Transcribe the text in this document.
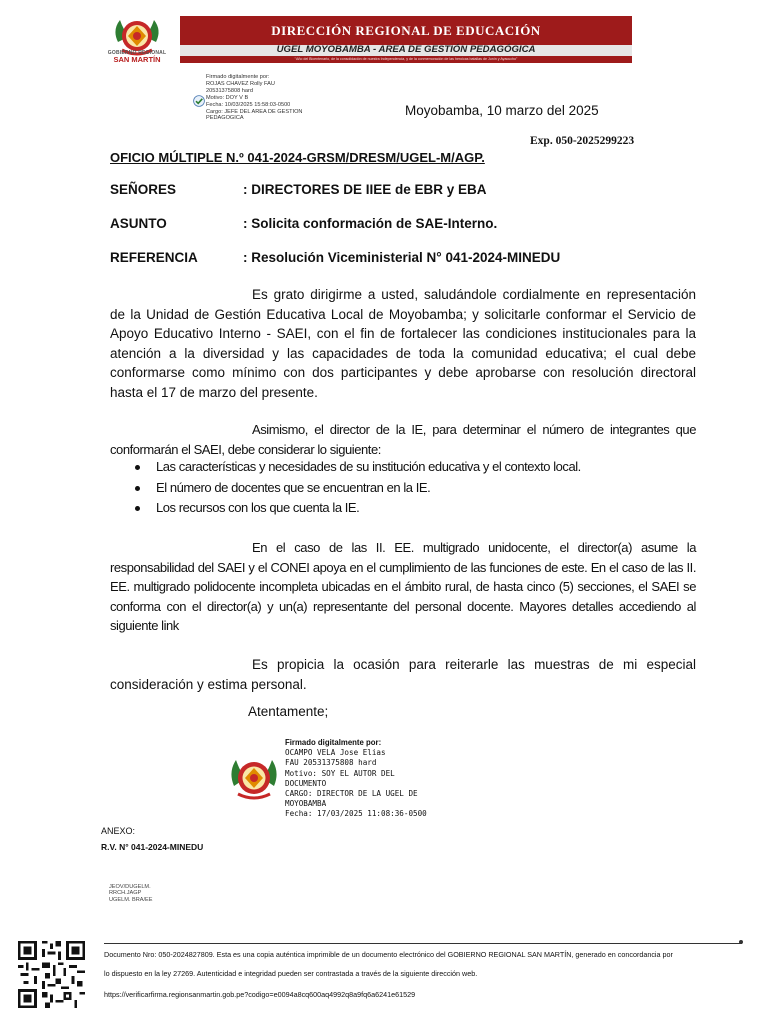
GOBIERNO REGIONAL
SAN MARTÍN
DIRECCIÓN REGIONAL DE EDUCACIÓN
UGEL MOYOBAMBA - AREA DE GESTIÓN PEDAGÓGICA
"Año del Bicentenario, de la consolidación de nuestra Independencia, y de la conmemoración de las heroicas batallas de Junín y Ayacucho"
Firmado digitalmente por:
ROJAS CHAVEZ Rolly FAU
20531375808 hard
Motivo: DOY V B
Fecha: 10/03/2025 15:58:03-0500
Cargo: JEFE DEL AREA DE GESTION
PEDAGOGICA
Moyobamba, 10 marzo del 2025
Exp. 050-2025299223
OFICIO MÚLTIPLE N.º 041-2024-GRSM/DRESM/UGEL-M/AGP.
SEÑORES	: DIRECTORES DE IIEE de EBR y EBA
ASUNTO	: Solicita conformación de SAE-Interno.
REFERENCIA	: Resolución Viceministerial N° 041-2024-MINEDU
Es grato dirigirme a usted, saludándole cordialmente en representación de la Unidad de Gestión Educativa Local de Moyobamba; y solicitarle conformar el Servicio de Apoyo Educativo Interno - SAEI, con el fin de fortalecer las condiciones institucionales para la atención a la diversidad y las capacidades de toda la comunidad educativa; el cual debe conformarse como mínimo con dos participantes y debe aprobarse con resolución directoral hasta el 17 de marzo del presente.
Asimismo, el director de la IE, para determinar el número de integrantes que conformarán el SAEI, debe considerar lo siguiente:
Las características y necesidades de su institución educativa y el contexto local.
El número de docentes que se encuentran en la IE.
Los recursos con los que cuenta la IE.
En el caso de las II. EE. multigrado unidocente, el director(a) asume la responsabilidad del SAEI y el CONEI apoya en el cumplimiento de las funciones de este. En el caso de las II. EE. multigrado polidocente incompleta ubicadas en el ámbito rural, de hasta cinco (5) secciones, el SAEI se conforma con el director(a) y un(a) representante del personal docente. Mayores detalles accediendo al siguiente link
Es propicia la ocasión para reiterarle las muestras de mi especial consideración y estima personal.
Atentamente;
Firmado digitalmente por:
OCAMPO VELA Jose Elias
FAU 20531375808 hard
Motivo: SOY EL AUTOR DEL
DOCUMENTO
CARGO: DIRECTOR DE LA UGEL DE
MOYOBAMBA
Fecha: 17/03/2025 11:08:36-0500
ANEXO:
R.V. N° 041-2024-MINEDU
JEOV/DUGELM.
RRCH.JAGP
UGELM. BRA/EE
Documento Nro: 050-2024827809. Esta es una copia auténtica imprimible de un documento electrónico del GOBIERNO REGIONAL SAN MARTÍN, generado en concordancia por
lo dispuesto en la ley 27269. Autenticidad e integridad pueden ser contrastada a través de la siguiente dirección web.
https://verificarfirma.regionsanmartin.gob.pe?codigo=e0094a8cq600aq4992q8a9fq6a6241e61529
